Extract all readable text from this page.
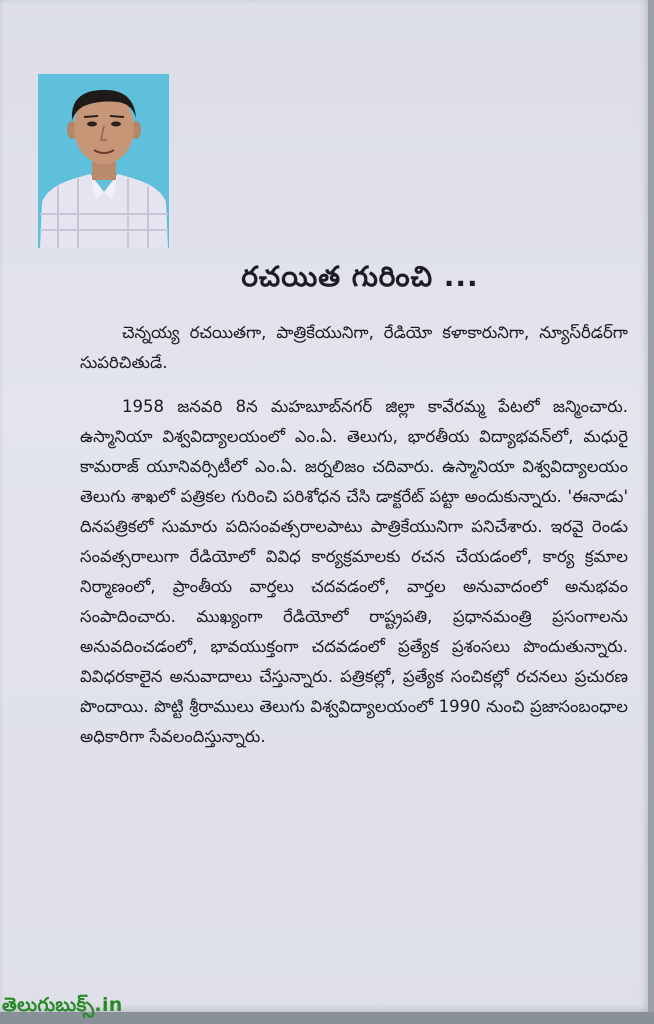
రచయిత గురించి ...

చెన్నయ్య రచయితగా, పాత్రికేయునిగా, రేడియో కళాకారునిగా, న్యూస్‌రీడర్‌గా సుపరిచితుడే.

1958 జనవరి 8న మహబూబ్‌నగర్ జిల్లా కావేరమ్మ పేటలో జన్మించారు. ఉస్మానియా విశ్వవిద్యాలయంలో ఎం.ఏ. తెలుగు, భారతీయ విద్యాభవన్‌లో, మధురై కామరాజ్ యూనివర్సిటీలో ఎం.ఏ. జర్నలిజం చదివారు. ఉస్మానియా విశ్వవిద్యాలయం తెలుగు శాఖలో పత్రికల గురించి పరిశోధన చేసి డాక్టరేట్ పట్టా అందుకున్నారు. 'ఈనాడు' దినపత్రికలో సుమారు పదిసంవత్సరాలపాటు పాత్రికేయునిగా పనిచేశారు. ఇరవై రెండు సంవత్సరాలుగా రేడియోలో వివిధ కార్యక్రమాలకు రచన చేయడంలో, కార్య క్రమాల నిర్మాణంలో, ప్రాంతీయ వార్తలు చదవడంలో, వార్తల అనువాదంలో అనుభవం సంపాదించారు. ముఖ్యంగా రేడియోలో రాష్ట్రపతి, ప్రధానమంత్రి ప్రసంగాలను అనువదించడంలో, భావయుక్తంగా చదవడంలో ప్రత్యేక ప్రశంసలు పొందుతున్నారు. వివిధరకాలైన అనువాదాలు చేస్తున్నారు. పత్రికల్లో, ప్రత్యేక సంచికల్లో రచనలు ప్రచురణ పొందాయి. పొట్టి శ్రీరాములు తెలుగు విశ్వవిద్యాలయంలో 1990 నుంచి ప్రజాసంబంధాల అధికారిగా సేవలందిస్తున్నారు.

తెలుగుబుక్స్.in
